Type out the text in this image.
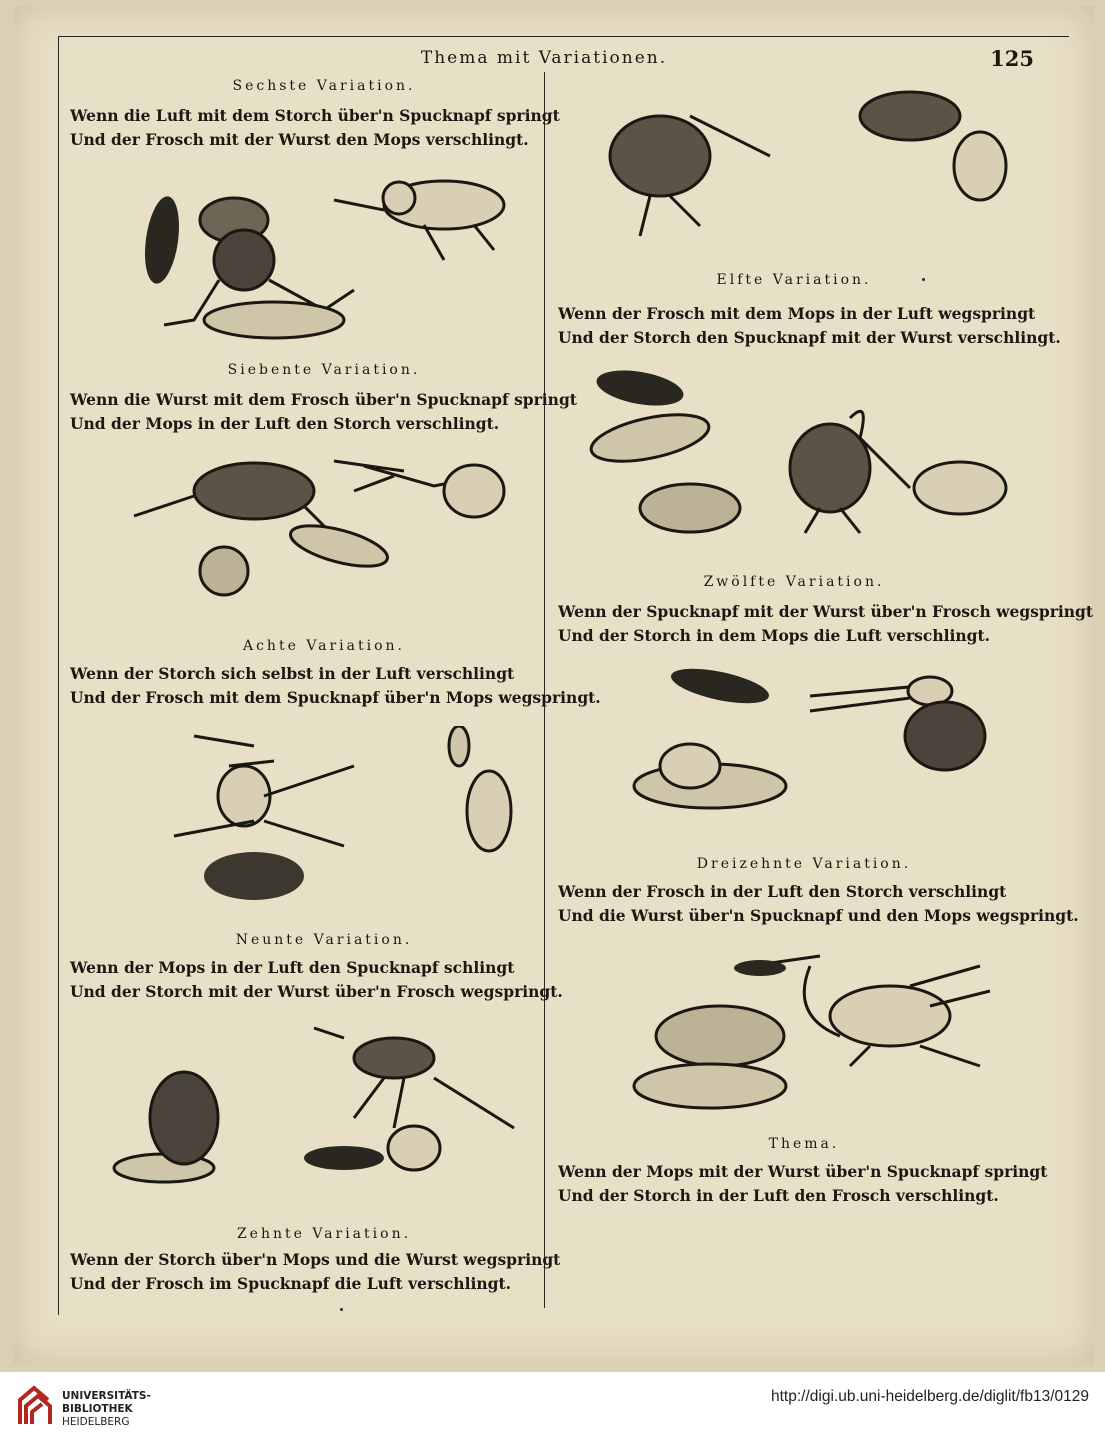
Thema mit Variationen.	125
Sechste Variation.
Wenn die Luft mit dem Storch über'n Spucknapf springt
Und der Frosch mit der Wurst den Mops verschlingt.
Siebente Variation.
Wenn die Wurst mit dem Frosch über'n Spucknapf springt
Und der Mops in der Luft den Storch verschlingt.
Achte Variation.
Wenn der Storch sich selbst in der Luft verschlingt
Und der Frosch mit dem Spucknapf über'n Mops wegspringt.
Neunte Variation.
Wenn der Mops in der Luft den Spucknapf schlingt
Und der Storch mit der Wurst über'n Frosch wegspringt.
Zehnte Variation.
Wenn der Storch über'n Mops und die Wurst wegspringt
Und der Frosch im Spucknapf die Luft verschlingt.
Elfte Variation.
Wenn der Frosch mit dem Mops in der Luft wegspringt
Und der Storch den Spucknapf mit der Wurst verschlingt.
Zwölfte Variation.
Wenn der Spucknapf mit der Wurst über'n Frosch wegspringt
Und der Storch in dem Mops die Luft verschlingt.
Dreizehnte Variation.
Wenn der Frosch in der Luft den Storch verschlingt
Und die Wurst über'n Spucknapf und den Mops wegspringt.
Thema.
Wenn der Mops mit der Wurst über'n Spucknapf springt
Und der Storch in der Luft den Frosch verschlingt.
UNIVERSITÄTS-
BIBLIOTHEK
HEIDELBERG
http://digi.ub.uni-heidelberg.de/diglit/fb13/0129
